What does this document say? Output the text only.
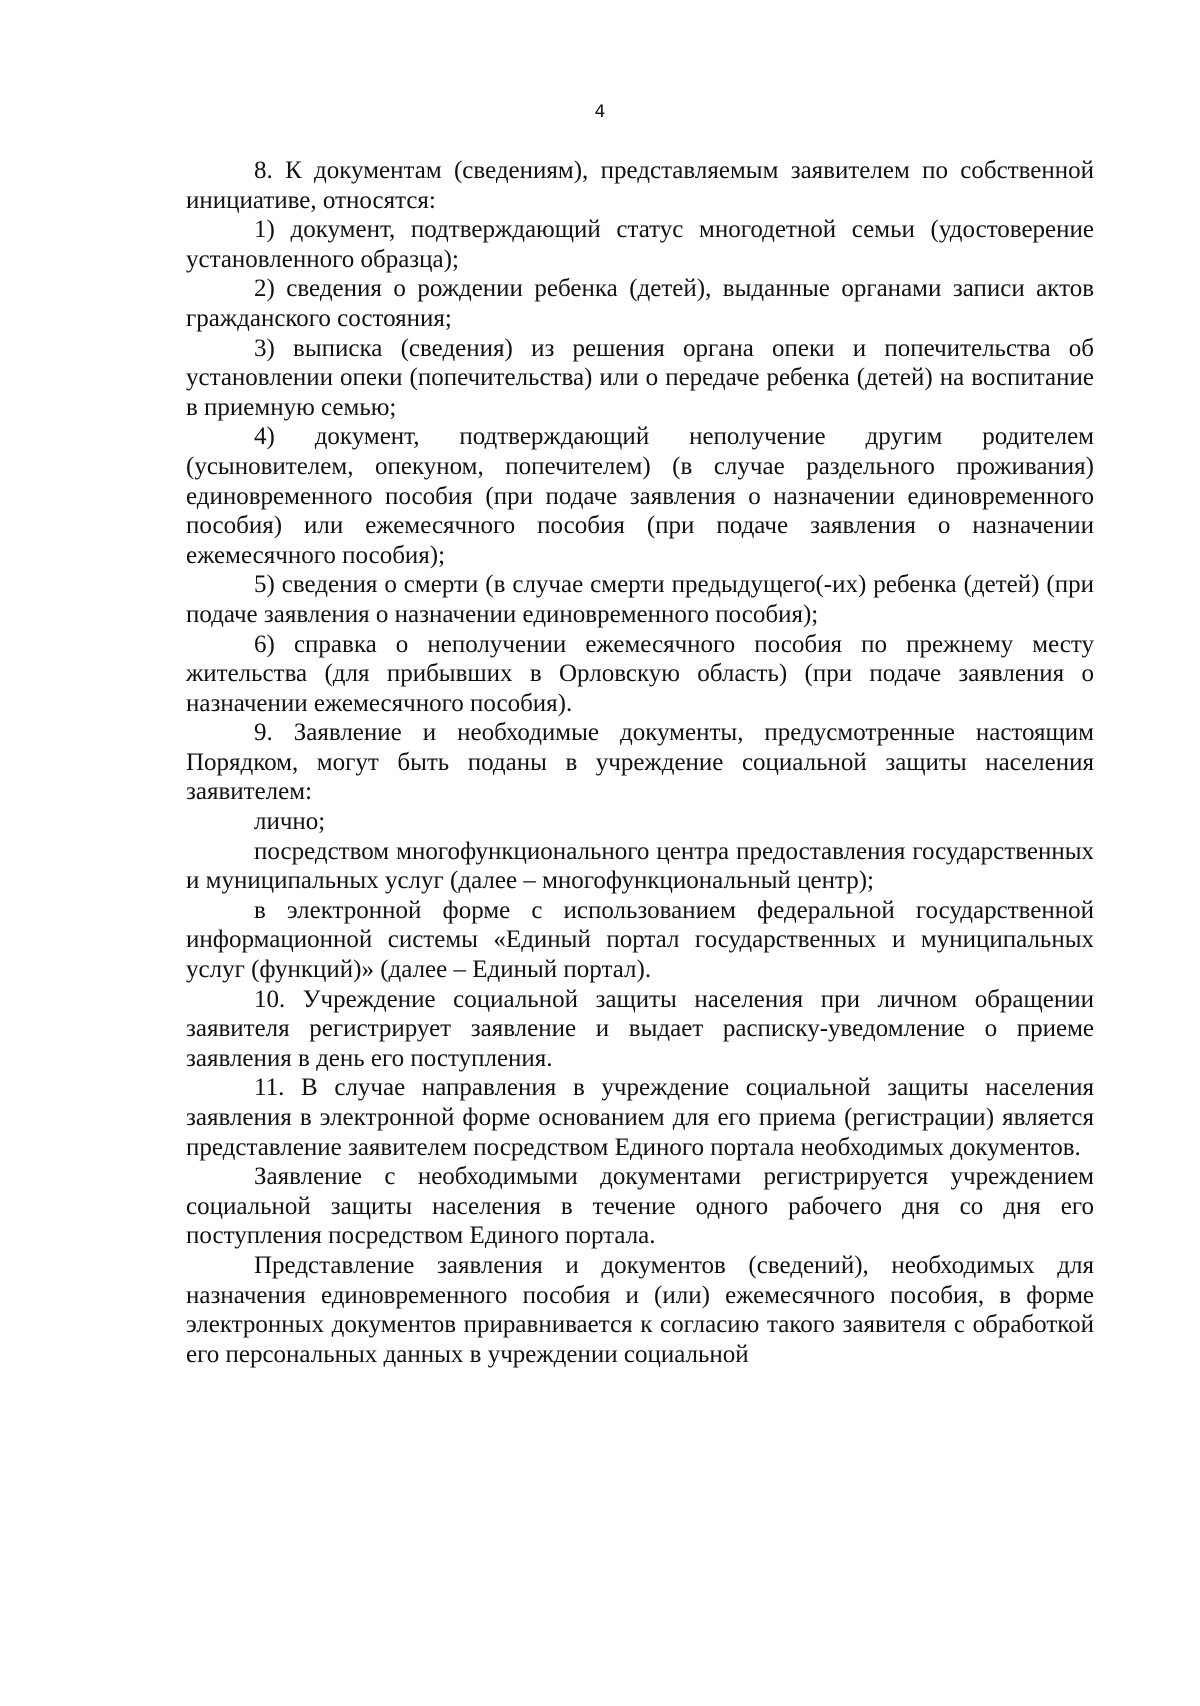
4

8. К документам (сведениям), представляемым заявителем по собственной инициативе, относятся:

1) документ, подтверждающий статус многодетной семьи (удостоверение установленного образца);

2) сведения о рождении ребенка (детей), выданные органами записи актов гражданского состояния;

3) выписка (сведения) из решения органа опеки и попечительства об установлении опеки (попечительства) или о передаче ребенка (детей) на воспитание в приемную семью;

4) документ, подтверждающий неполучение другим родителем (усыновителем, опекуном, попечителем) (в случае раздельного проживания) единовременного пособия (при подаче заявления о назначении единовременного пособия) или ежемесячного пособия (при подаче заявления о назначении ежемесячного пособия);

5) сведения о смерти (в случае смерти предыдущего(-их) ребенка (детей) (при подаче заявления о назначении единовременного пособия);

6) справка о неполучении ежемесячного пособия по прежнему месту жительства (для прибывших в Орловскую область) (при подаче заявления о назначении ежемесячного пособия).

9. Заявление и необходимые документы, предусмотренные настоящим Порядком, могут быть поданы в учреждение социальной защиты населения заявителем:

лично;

посредством многофункционального центра предоставления государственных и муниципальных услуг (далее – многофункциональный центр);

в электронной форме с использованием федеральной государственной информационной системы «Единый портал государственных и муниципальных услуг (функций)» (далее – Единый портал).

10. Учреждение социальной защиты населения при личном обращении заявителя регистрирует заявление и выдает расписку-уведомление о приеме заявления в день его поступления.

11. В случае направления в учреждение социальной защиты населения заявления в электронной форме основанием для его приема (регистрации) является представление заявителем посредством Единого портала необходимых документов.

Заявление с необходимыми документами регистрируется учреждением социальной защиты населения в течение одного рабочего дня со дня его поступления посредством Единого портала.

Представление заявления и документов (сведений), необходимых для назначения единовременного пособия и (или) ежемесячного пособия, в форме электронных документов приравнивается к согласию такого заявителя с обработкой его персональных данных в учреждении социальной
